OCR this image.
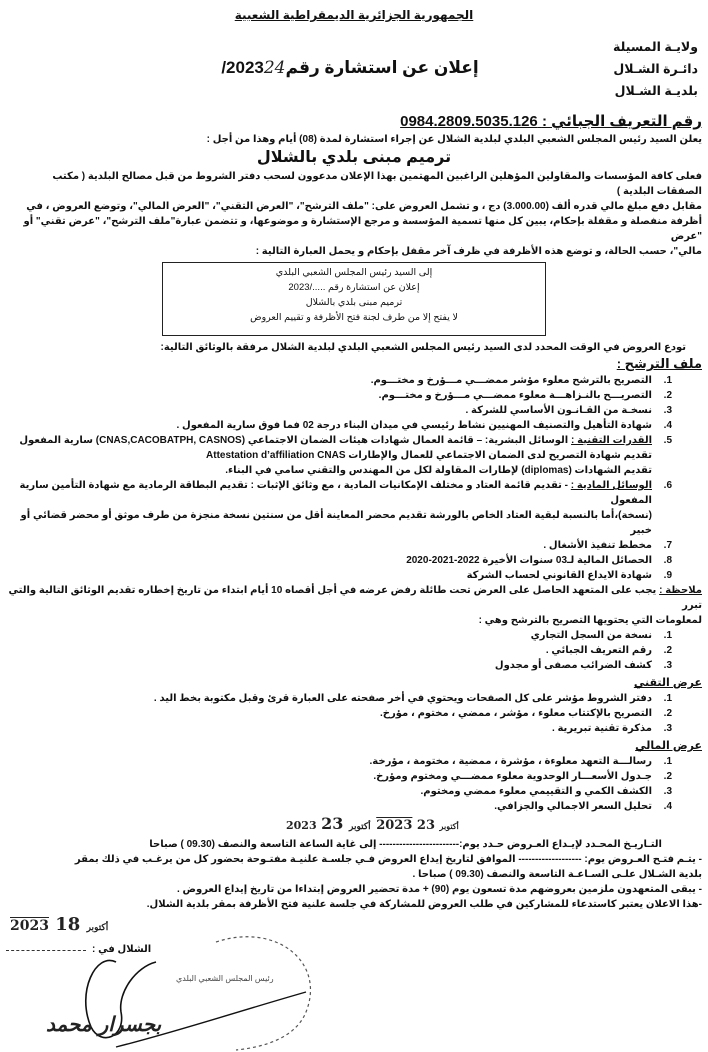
الجمهورية الجزائرية الديمقراطية الشعبية
ولايـة المسيلة
دائـرة الشـلال
بلديـة الشـلال
إعلان عن استشارة رقم24/2023
رقم التعريف الجبائي : 0984.2809.5035.126
يعلن السيد رئيس المجلس الشعبي البلدي لبلدية الشلال عن إجراء استشارة لمدة (08) أيام وهذا من أجل :
ترميم مبنى بلدي بالشلال
فعلى كافة المؤسسات والمقاولين المؤهلين الراغبين المهتمين بهذا الإعلان مدعوون لسحب دفتر الشروط من قبل مصالح البلدية ( مكتب الصفقات البلدية )
مقابل دفع مبلغ مالي قدره ألف (3.000.00) دج ، و تشمل العروض على: "ملف الترشح"، "العرض التقني"، "العرض المالي"، وتوضع العروض ، في
أظرفة منفصلة و مقفلة بإحكام، يبين كل منها تسمية المؤسسة و مرجع الإستشارة و موضوعها، و تتضمن عبارة"ملف الترشح"، "عرض تقني" أو "عرض
مالي"، حسب الحالة، و توضع هذه الأظرفة في ظرف آخر مقفل بإحكام و يحمل العبارة التالية :
إلى السيد رئيس المجلس الشعبي البلدي
إعلان عن استشارة رقم ...../2023
ترميم مبنى بلدي بالشلال
لا يفتح إلا من طرف لجنة فتح الأظرفة و تقييم العروض
تودع العروض في الوقت المحدد لدى السيد رئيس المجلس الشعبي البلدي لبلدية الشلال مرفقة بالوثائق التالية:
ملف الترشح :
1.
التصريح بالترشح معلوء مؤشر ممضـــي مـــؤرخ و مختـــوم.
2.
التصريـــح بالنـزاهـــة معلوء ممضـــي مـــؤرخ و مختـــوم.
3.
نسخـة من القـانـون الأساسي للشركة .
4.
شهادة التأهيل والتصنيف المهنيين نشاط رئيسي في ميدان البناء درجة 02 فما فوق سارية المفعول .
5.
القدرات التقنية : الوسائل البشرية: – قائمة العمال شهادات هيئات الضمان الاجتماعي (CNAS,CACOBATPH, CASNOS) سارية المفعول
تقديم شهادة التصريح لدى الضمان الاجتماعي للعمال والإطارات Attestation d’affiliation CNAS
تقديم الشهادات (diplomas) لإطارات المقاولة لكل من المهندس والتقني سامي في البناء.
6.
الوسائل المادية : - تقديم قائمة العتاد و مختلف الإمكانيات المادية ، مع وثائق الإثبات : تقديم البطاقة الرمادية مع شهادة التأمين سارية المفعول
(نسخة)،أما بالنسبة لبقية العتاد الخاص بالورشة تقديم محضر المعاينة أقل من سنتين نسخة منجزة من طرف موثق أو محضر قضائي أو خبير
7.
مخطط تنفيذ الأشغال .
8.
الحصائل المالية لـ03 سنوات الأخيرة 2022-2021-2020
9.
شهادة الايداع القانوني لحساب الشركة
ملاحظة : يجب على المتعهد الحاصل على العرض تحت طائلة رفض عرضه في أجل أقصاه 10 أيام ابتداء من تاريخ إخطاره تقديم الوثائق التالية والتي تبرر
لمعلومات التي يحتويها التصريح بالترشح وهي :
1.
نسخة من السجل التجاري
2.
رقم التعريف الجبائي .
3.
كشف الضرائب مصفى أو مجدول
عرض التقني
1.
دفتر الشروط مؤشر على كل الصفحات ويحتوي في أخر صفحته على العبارة قرئ وقبل مكتوبة بخط اليد .
2.
التصريح بالإكتتاب معلوء ، مؤشر ، ممضي ، مختوم ، مؤرخ.
3.
مذكرة تقنية تبريرية .
عرض المالي
1.
رسالـــة التعهد معلوءة ، مؤشرة ، ممضية ، مختومة ، مؤرخة.
2.
جـدول الأسعـــار الوحدوية معلوء ممضـــي ومختوم ومؤرخ.
3.
الكشف الكمي و التقييمي معلوء ممضي ومختوم.
4.
تحليل السعر الاجمالي والجزافي.
2023	أكتوبر 23 2023 أكتوبر 23
التـاريـخ المحـدد لإيـداع العـروض حـدد يوم:------------------------ إلى غاية الساعة التاسعة والنصف (09.30 ) صباحا
- يتـم فتـح العـروض يوم: ------------------- الموافق لتاريخ إيداع العروض فـي جلسـة علنيـة مفتـوحة بحضور كل من يرغـب في ذلك بمقر
بلدية الشـلال علـى السـاعـة التاسعة والنصف (09.30 ) صباحا .
- يبقى المتعهدون ملزمين بعروضهم مدة تسعون يوم (90) + مدة تحضير العروض إبتداءا من تاريخ إيداع العروض .
-هذا الاعلان يعتبر كاستدعاء للمشاركين في طلب العروض للمشاركة في جلسة علنية فتح الأظرفة بمقر بلدية الشلال.
2023	أكتوبر 18
الشلال في :
رئيس المجلس الشعبي البلدي
بجسرار محمد
